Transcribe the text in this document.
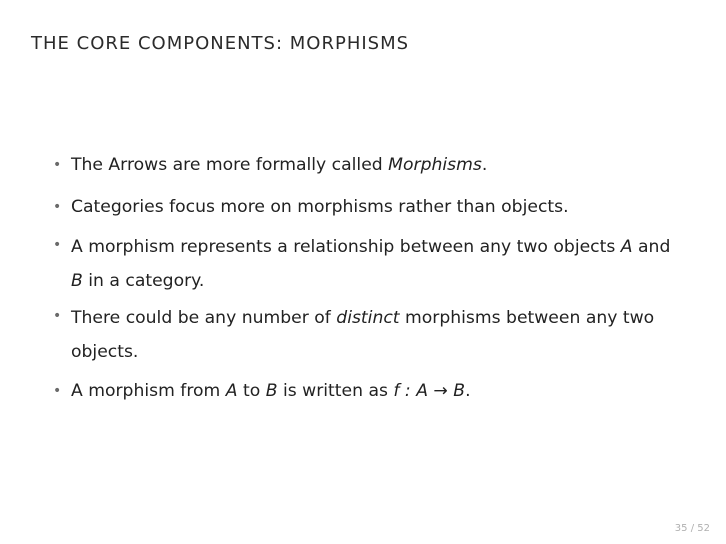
THE CORE COMPONENTS: MORPHISMS
• The Arrows are more formally called Morphisms.
• Categories focus more on morphisms rather than objects.
• A morphism represents a relationship between any two objects A and
B in a category.
• There could be any number of distinct morphisms between any two
objects.
• A morphism from A to B is written as f : A → B.
35 / 52
